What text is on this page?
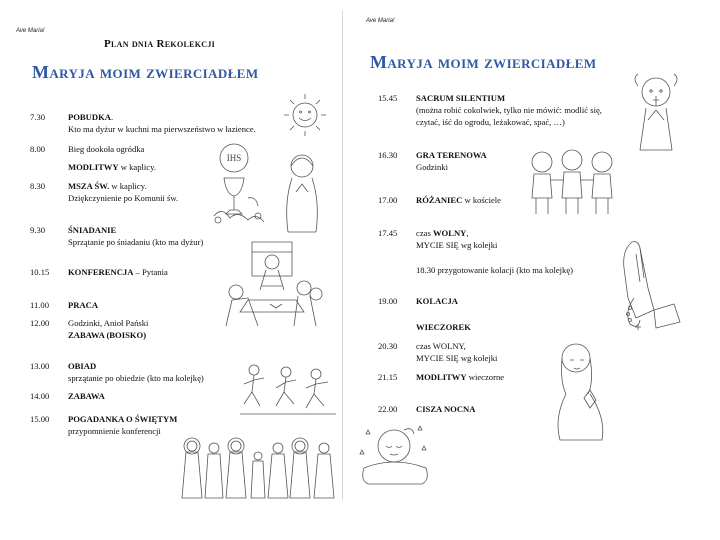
Ave Maria!
Plan dnia Rekolekcji
Maryja moim zwierciadłem
7.30	POBUDKA.
Kto ma dyżur w kuchni ma pierwszeństwo w łazience.
8.00	Bieg dookoła ogródka
MODLITWY w kaplicy.
8.30	MSZA ŚW. w kaplicy.
Dziękczynienie po Komunii św.
9.30	ŚNIADANIE
Sprzątanie po śniadaniu (kto ma dyżur)
10.15	KONFERENCJA – Pytania
11.00	PRACA
12.00	Godzinki, Anioł Pański
ZABAWA (BOISKO)
13.00	OBIAD
sprzątanie po obiedzie (kto ma kolejkę)
14.00	ZABAWA
15.00	POGADANKA O ŚWIĘTYM
przypomnienie konferencji
IHS
Ave Maria!
Maryja moim zwierciadłem
15.45	SACRUM SILENTIUM
(można robić cokolwiek, tylko nie mówić: modlić się,
czytać, iść do ogrodu, leżakować, spać, …)
16.30	GRA TERENOWA
Godzinki
17.00	RÓŻANIEC w kościele
17.45	czas WOLNY,
MYCIE SIĘ wg kolejki
18.30 przygotowanie kolacji (kto ma kolejkę)
19.00	KOLACJA
WIECZOREK
20.30	czas WOLNY,
MYCIE SIĘ wg kolejki
21.15	MODLITWY wieczorne
22.00	CISZA NOCNA
